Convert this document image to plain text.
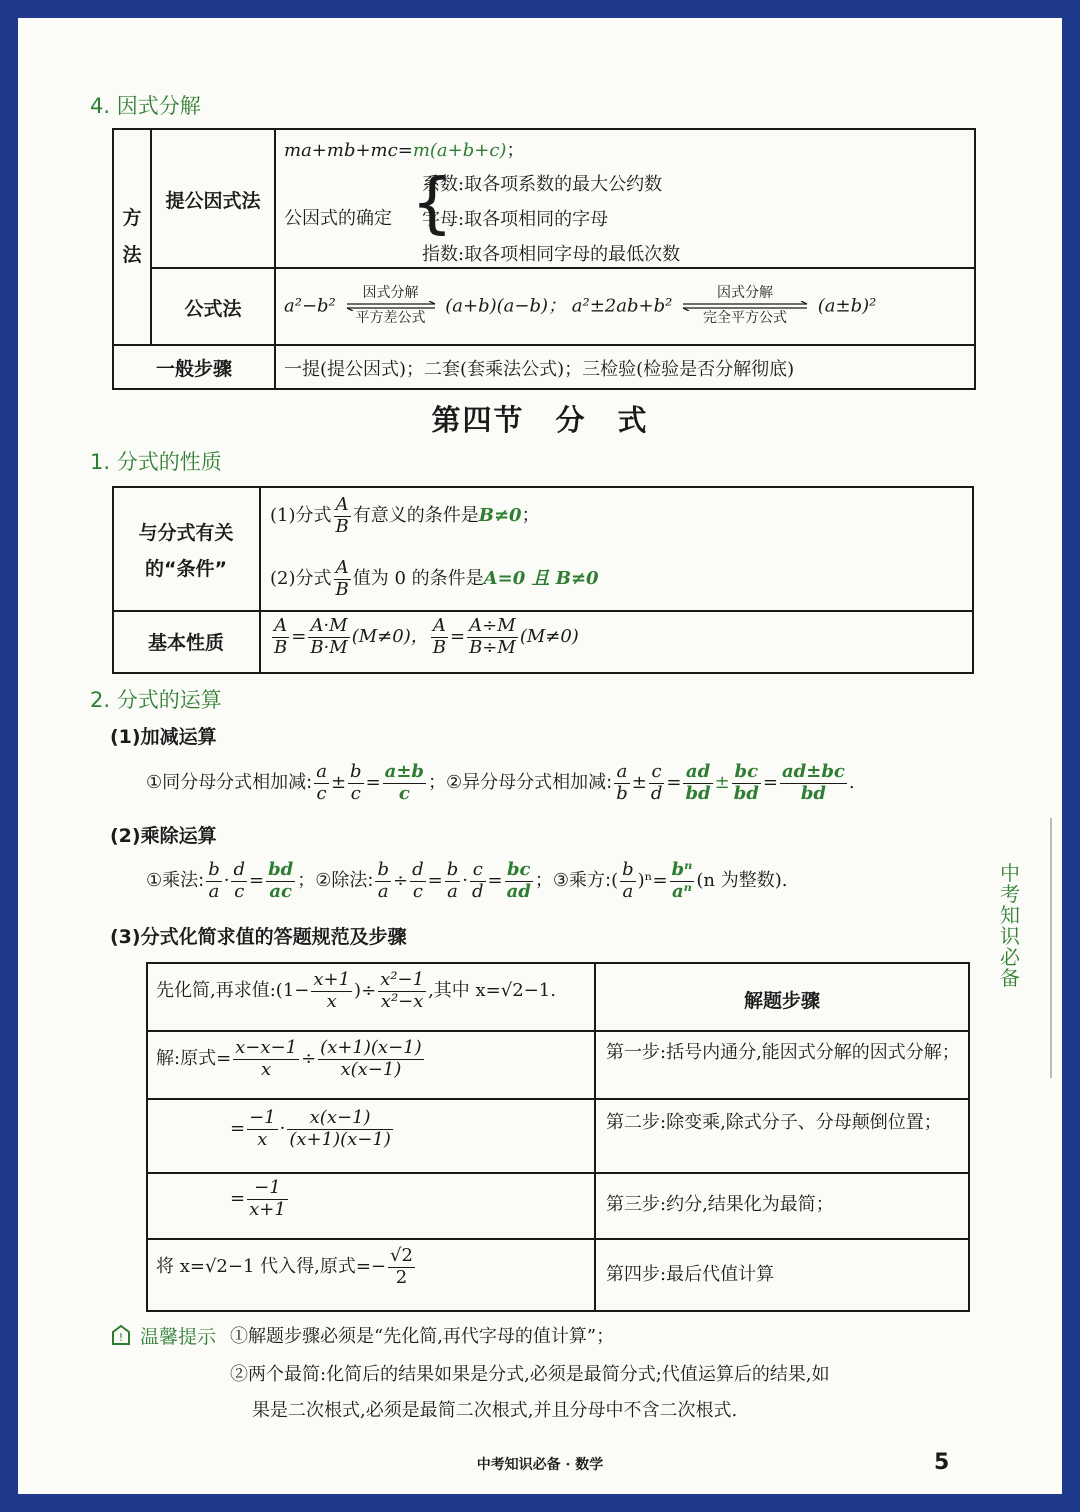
4. 因式分解
方
法
提公因式法
公式法
一般步骤
ma+mb+mc=m(a+b+c)；
公因式的确定 {
系数:取各项系数的最大公约数
字母:取各项相同的字母
指数:取各项相同字母的最低次数
a²−b² 因式分解
平方差公式 (a+b)(a−b)； a²±2ab+b² 因式分解
完全平方公式 (a±b)²
一提(提公因式)；二套(套乘法公式)；三检验(检验是否分解彻底)
第四节　分　式
1. 分式的性质
与分式有关
的“条件”
基本性质
(1)分式 $\frac{A}{B}$ 有意义的条件是B≠0；
(2)分式 $\frac{A}{B}$ 值为 0 的条件是A=0 且 B≠0
$\frac{A}{B} = \frac{A\cdot M}{B\cdot M} (M\ne 0)$， $\frac{A}{B} = \frac{A\div M}{B\div M} (M\ne 0)$
2. 分式的运算
(1)加减运算
①同分母分式相加减: $\frac{a}{c} \pm \frac{b}{c} = \frac{a\pm b}{c}$ ；②异分母分式相加减: $\frac{a}{b} \pm \frac{c}{d} = \frac{ad}{bd} \pm \frac{bc}{bd} = \frac{ad\pm bc}{bd}$ .
(2)乘除运算
①乘法: $\frac{b}{a} \cdot \frac{d}{c} = \frac{bd}{ac}$ ；②除法: $\frac{b}{a} \div \frac{d}{c} = \frac{b}{a} \cdot \frac{c}{d} = \frac{bc}{ad}$ ；③乘方:( $\frac{b}{a} )^n= \frac{\text{bⁿ}}{\text{aⁿ}} (n$ 为整数).
(3)分式化简求值的答题规范及步骤
先化简,再求值:(1− $\frac{x+1}{x}$ )÷ $\frac{\text{x²−1}}{\text{x²−x}}$ ,其中 x=√2−1.	解题步骤
解:原式= $\frac{x-x-1}{x} \div \frac{(x+1)(x-1)}{x(x-1)}$
= $\frac{-1}{x} \cdot \frac{x(x-1)}{(x+1)(x-1)}$
= $\frac{-1}{x+1}$
将 x=√2−1 代入得,原式=− $\frac{√2}{2}$
第一步:括号内通分,能因式分解的因式分解；
第二步:除变乘,除式分子、分母颠倒位置；
第三步:约分,结果化为最简；
第四步:最后代值计算
! 温馨提示 ①解题步骤必须是“先化简,再代字母的值计算”；
②两个最简:化简后的结果如果是分式,必须是最简分式;代值运算后的结果,如
果是二次根式,必须是最简二次根式,并且分母中不含二次根式.
中
考
知
识
必
备
中考知识必备 · 数学	5
